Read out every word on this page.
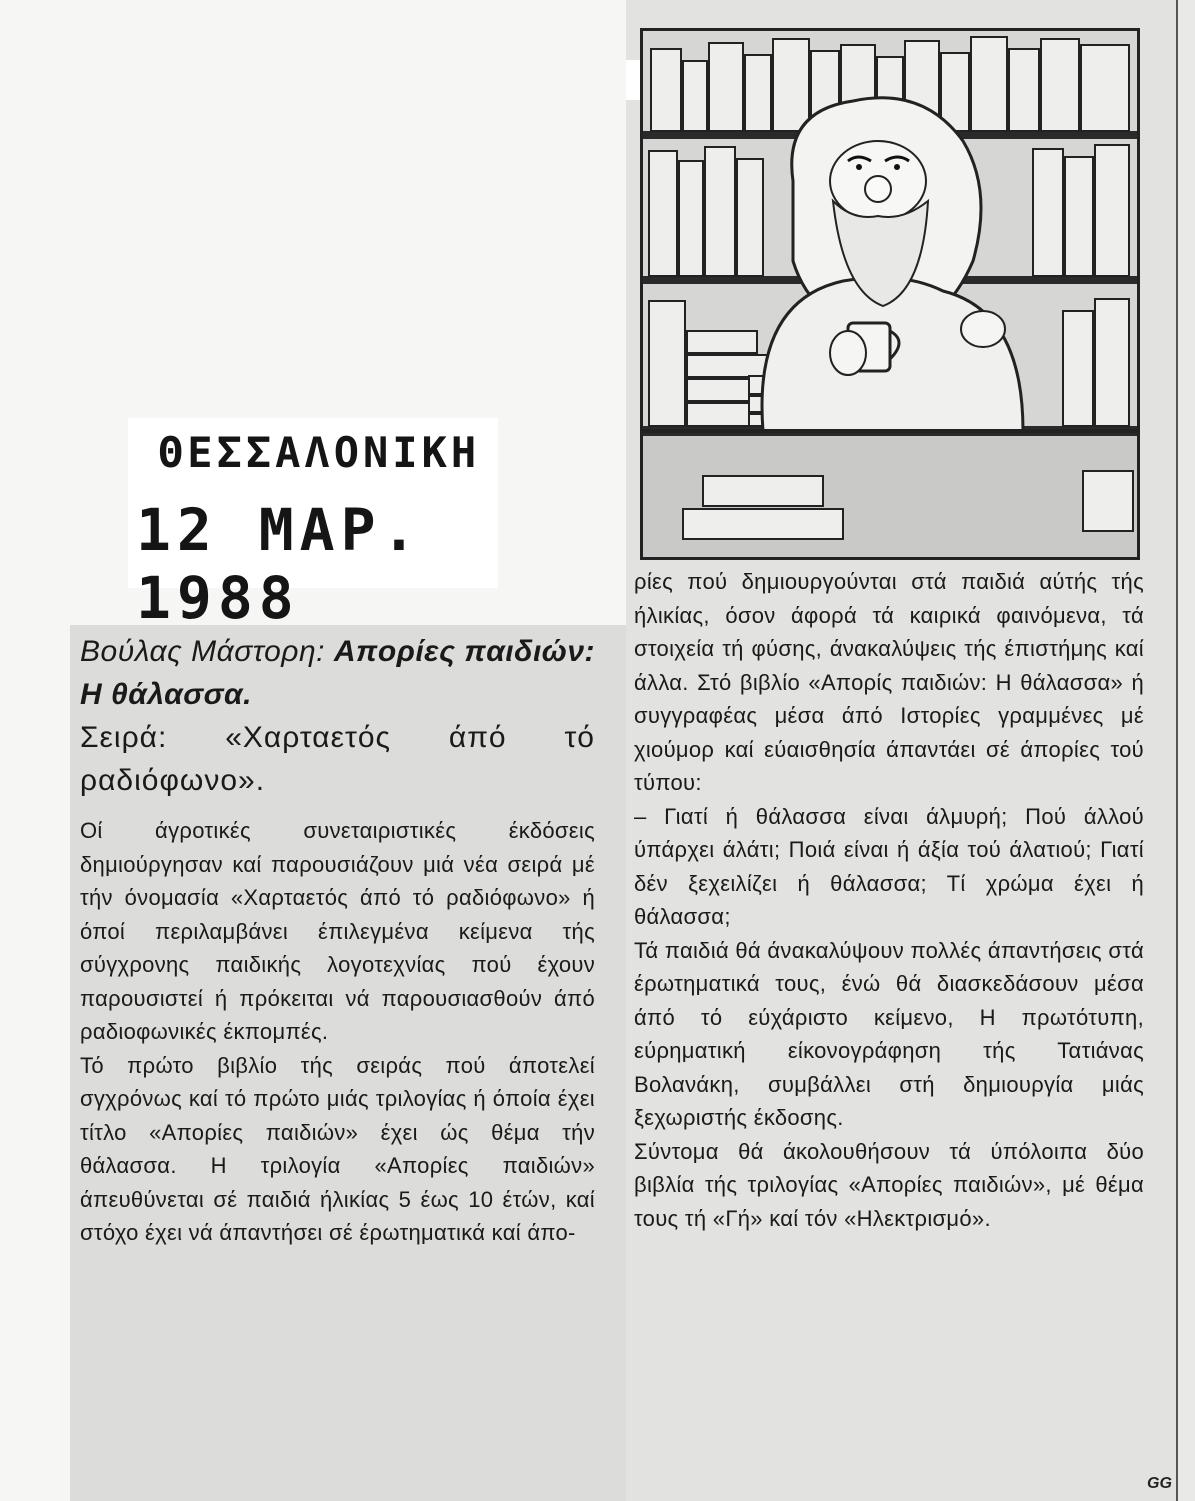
ΘΕΣΣΑΛΟΝΙΚΗ
12 ΜΑΡ. 1988
Βούλας Μάστορη: Απορίες παιδιών: Η θάλασσα.
Σειρά: «Χαρταετός άπό τό ραδιόφωνο».

Οί άγροτικές συνεταιριστικές έκδόσεις δημιούργησαν καί παρουσιάζουν μιά νέα σειρά μέ τήν όνομασία «Χαρταετός άπό τό ραδιόφωνο» ή όποί περιλαμβάνει έπιλεγμένα κείμενα τής σύγχρονης παιδικής λογοτεχνίας πού έχουν παρουσιστεί ή πρόκειται νά παρουσιασθούν άπό ραδιοφωνικές έκπομπές.

Τό πρώτο βιβλίο τής σειράς πού άποτελεί σγχρόνως καί τό πρώτο μιάς τριλογίας ή όποία έχει τίτλο «Απορίες παιδιών» έχει ώς θέμα τήν θάλασσα. Η τριλογία «Απορίες παιδιών» άπευθύνεται σέ παιδιά ήλικίας 5 έως 10 έτών, καί στόχο έχει νά άπαντήσει σέ έρωτηματικά καί άπο-

ρίες πού δημιουργούνται στά παιδιά αύτής τής ήλικίας, όσον άφορά τά καιρικά φαινόμενα, τά στοιχεία τή φύσης, άνακαλύψεις τής έπιστήμης καί άλλα. Στό βιβλίο «Απορίς παιδιών: Η θάλασσα» ή συγγραφέας μέσα άπό Ιστορίες γραμμένες μέ χιούμορ καί εύαισθησία άπαντάει σέ άπορίες τού τύπου:

– Γιατί ή θάλασσα είναι άλμυρή; Πού άλλού ύπάρχει άλάτι; Ποιά είναι ή άξία τού άλατιού; Γιατί δέν ξεχειλίζει ή θάλασσα; Τί χρώμα έχει ή θάλασσα;

Τά παιδιά θά άνακαλύψουν πολλές άπαντήσεις στά έρωτηματικά τους, ένώ θά διασκεδάσουν μέσα άπό τό εύχάριστο κείμενο, Η πρωτότυπη, εύρηματική είκονογράφηση τής Τατιάνας Βολανάκη, συμβάλλει στή δημιουργία μιάς ξεχωριστής έκδοσης.

Σύντομα θά άκολουθήσουν τά ύπόλοιπα δύο βιβλία τής τριλογίας «Απορίες παιδιών», μέ θέμα τους τή «Γή» καί τόν «Ηλεκτρισμό».

GG
